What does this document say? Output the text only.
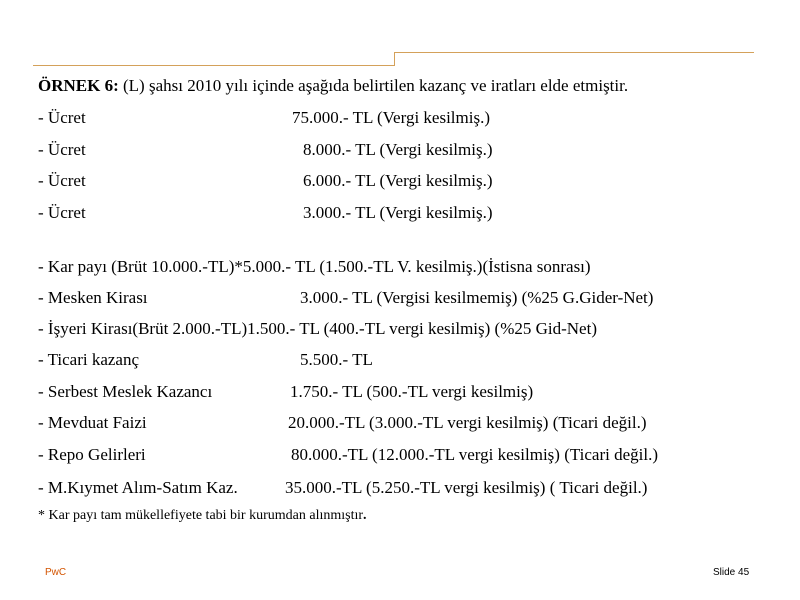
ÖRNEK 6: (L) şahsı 2010 yılı içinde aşağıda belirtilen kazanç ve iratları elde etmiştir.
- Ücret	75.000.- TL (Vergi kesilmiş.)
- Ücret	8.000.- TL (Vergi kesilmiş.)
- Ücret	6.000.- TL (Vergi kesilmiş.)
- Ücret	3.000.- TL (Vergi kesilmiş.)
- Kar payı (Brüt 10.000.-TL)*5.000.- TL (1.500.-TL V. kesilmiş.)(İstisna sonrası)
- Mesken Kirası	3.000.- TL (Vergisi kesilmemiş) (%25 G.Gider-Net)
- İşyeri Kirası(Brüt 2.000.-TL)1.500.- TL (400.-TL vergi kesilmiş) (%25 Gid-Net)
- Ticari kazanç	5.500.- TL
- Serbest Meslek Kazancı	1.750.- TL (500.-TL vergi kesilmiş)
- Mevduat Faizi	20.000.-TL (3.000.-TL vergi kesilmiş) (Ticari değil.)
- Repo Gelirleri	80.000.-TL (12.000.-TL vergi kesilmiş) (Ticari değil.)
- M.Kıymet Alım-Satım Kaz.	35.000.-TL (5.250.-TL vergi kesilmiş) ( Ticari değil.)
* Kar payı tam mükellefiyete tabi bir kurumdan alınmıştır.
PwC	Slide 45
